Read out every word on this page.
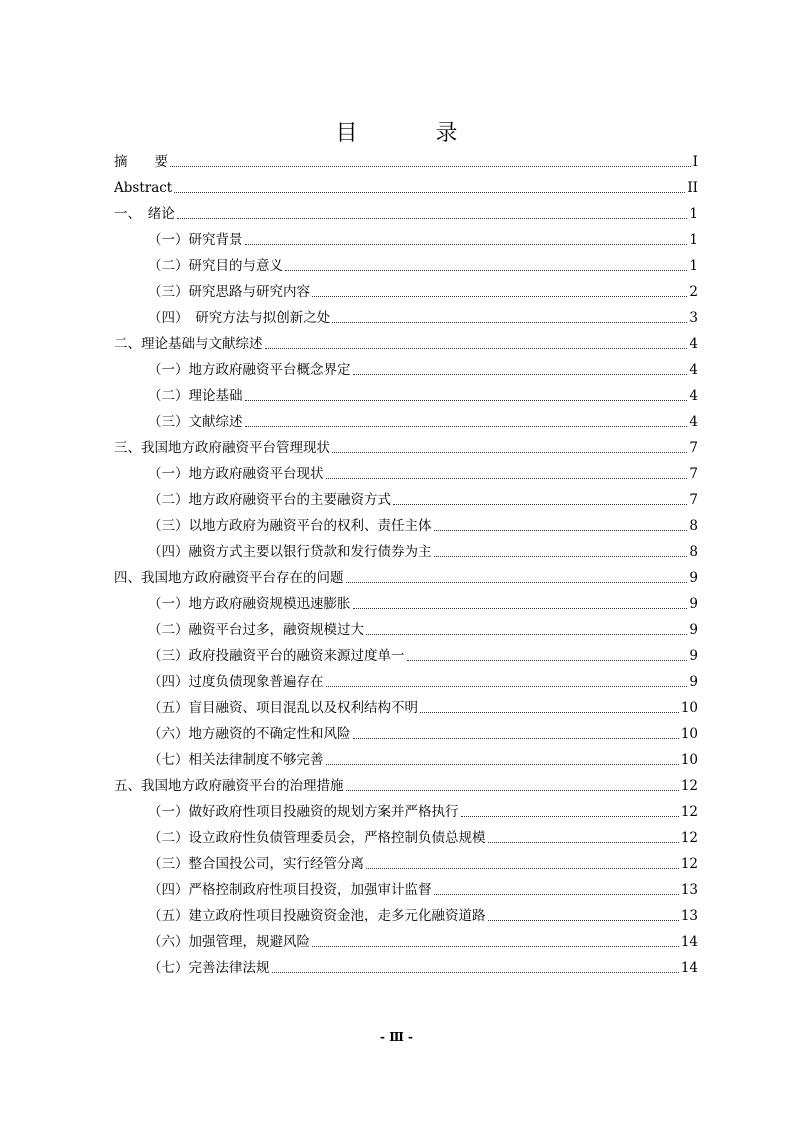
目　录
摘　　要	I
Abstract	II
一、　绪论	1
（一）研究背景	1
（二）研究目的与意义	1
（三）研究思路与研究内容	2
（四）　研究方法与拟创新之处	3
二、理论基础与文献综述	4
（一）地方政府融资平台概念界定	4
（二）理论基础	4
（三）文献综述	4
三、我国地方政府融资平台管理现状	7
（一）地方政府融资平台现状	7
（二）地方政府融资平台的主要融资方式	7
（三）以地方政府为融资平台的权利、责任主体	8
（四）融资方式主要以银行贷款和发行债券为主	8
四、我国地方政府融资平台存在的问题	9
（一）地方政府融资规模迅速膨胀	9
（二）融资平台过多，融资规模过大	9
（三）政府投融资平台的融资来源过度单一	9
（四）过度负债现象普遍存在	9
（五）盲目融资、项目混乱以及权利结构不明	10
（六）地方融资的不确定性和风险	10
（七）相关法律制度不够完善	10
五、我国地方政府融资平台的治理措施	12
（一）做好政府性项目投融资的规划方案并严格执行	12
（二）设立政府性负债管理委员会，严格控制负债总规模	12
（三）整合国投公司，实行经管分离	12
（四）严格控制政府性项目投资，加强审计监督	13
（五）建立政府性项目投融资资金池，走多元化融资道路	13
（六）加强管理，规避风险	14
（七）完善法律法规	14
- Ⅲ -
